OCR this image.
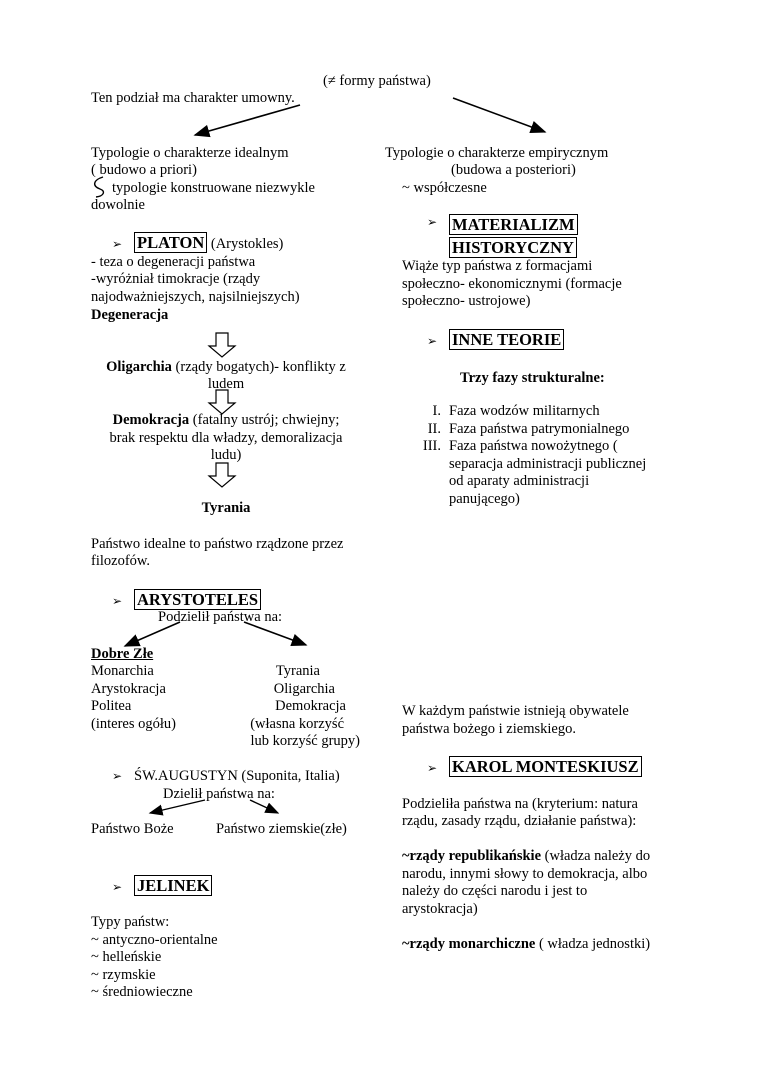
(≠ formy państwa)
Ten podział ma charakter umowny.
Typologie o charakterze idealnym
( budowo a priori)
typologie konstruowane niezwykle
dowolnie
➢ PLATON (Arystokles)
- teza o degeneracji państwa
-wyróżniał timokracje (rządy
najodważniejszych, najsilniejszych)
Degeneracja
Oligarchia (rządy bogatych)- konflikty z
ludem
Demokracja (fatalny ustrój; chwiejny;
brak respektu dla władzy, demoralizacja
ludu)
Tyrania
Państwo idealne to państwo rządzone przez
filozofów.
➢ ARYSTOTELES
Podzielił państwa na:
Dobre Złe
Monarchia
Arystokracja
Politea
(interes ogółu)
Tyrania
Oligarchia
Demokracja
(własna korzyść
lub korzyść grupy)
➢ ŚW.AUGUSTYN (Suponita, Italia)
Dzielił państwa na:
Państwo Boże	Państwo ziemskie(złe)
➢ JELINEK
Typy państw:
~ antyczno-orientalne
~ helleńskie
~ rzymskie
~ średniowieczne
Typologie o charakterze empirycznym
(budowa a posteriori)
~ współczesne
➢ MATERIALIZM
HISTORYCZNY
Wiąże typ państwa z formacjami
społeczno- ekonomicznymi (formacje
społeczno- ustrojowe)
➢ INNE TEORIE
Trzy fazy strukturalne:
I. Faza wodzów militarnych
II. Faza państwa patrymonialnego
III. Faza państwa nowożytnego (
separacja administracji publicznej
od aparaty administracji
panującego)
W każdym państwie istnieją obywatele
państwa bożego i ziemskiego.
➢ KAROL MONTESKIUSZ
Podzieliła państwa na (kryterium: natura
rządu, zasady rządu, działanie państwa):
~rządy republikańskie (władza należy do
narodu, innymi słowy to demokracja, albo
należy do części narodu i jest to
arystokracja)
~rządy monarchiczne ( władza jednostki)
